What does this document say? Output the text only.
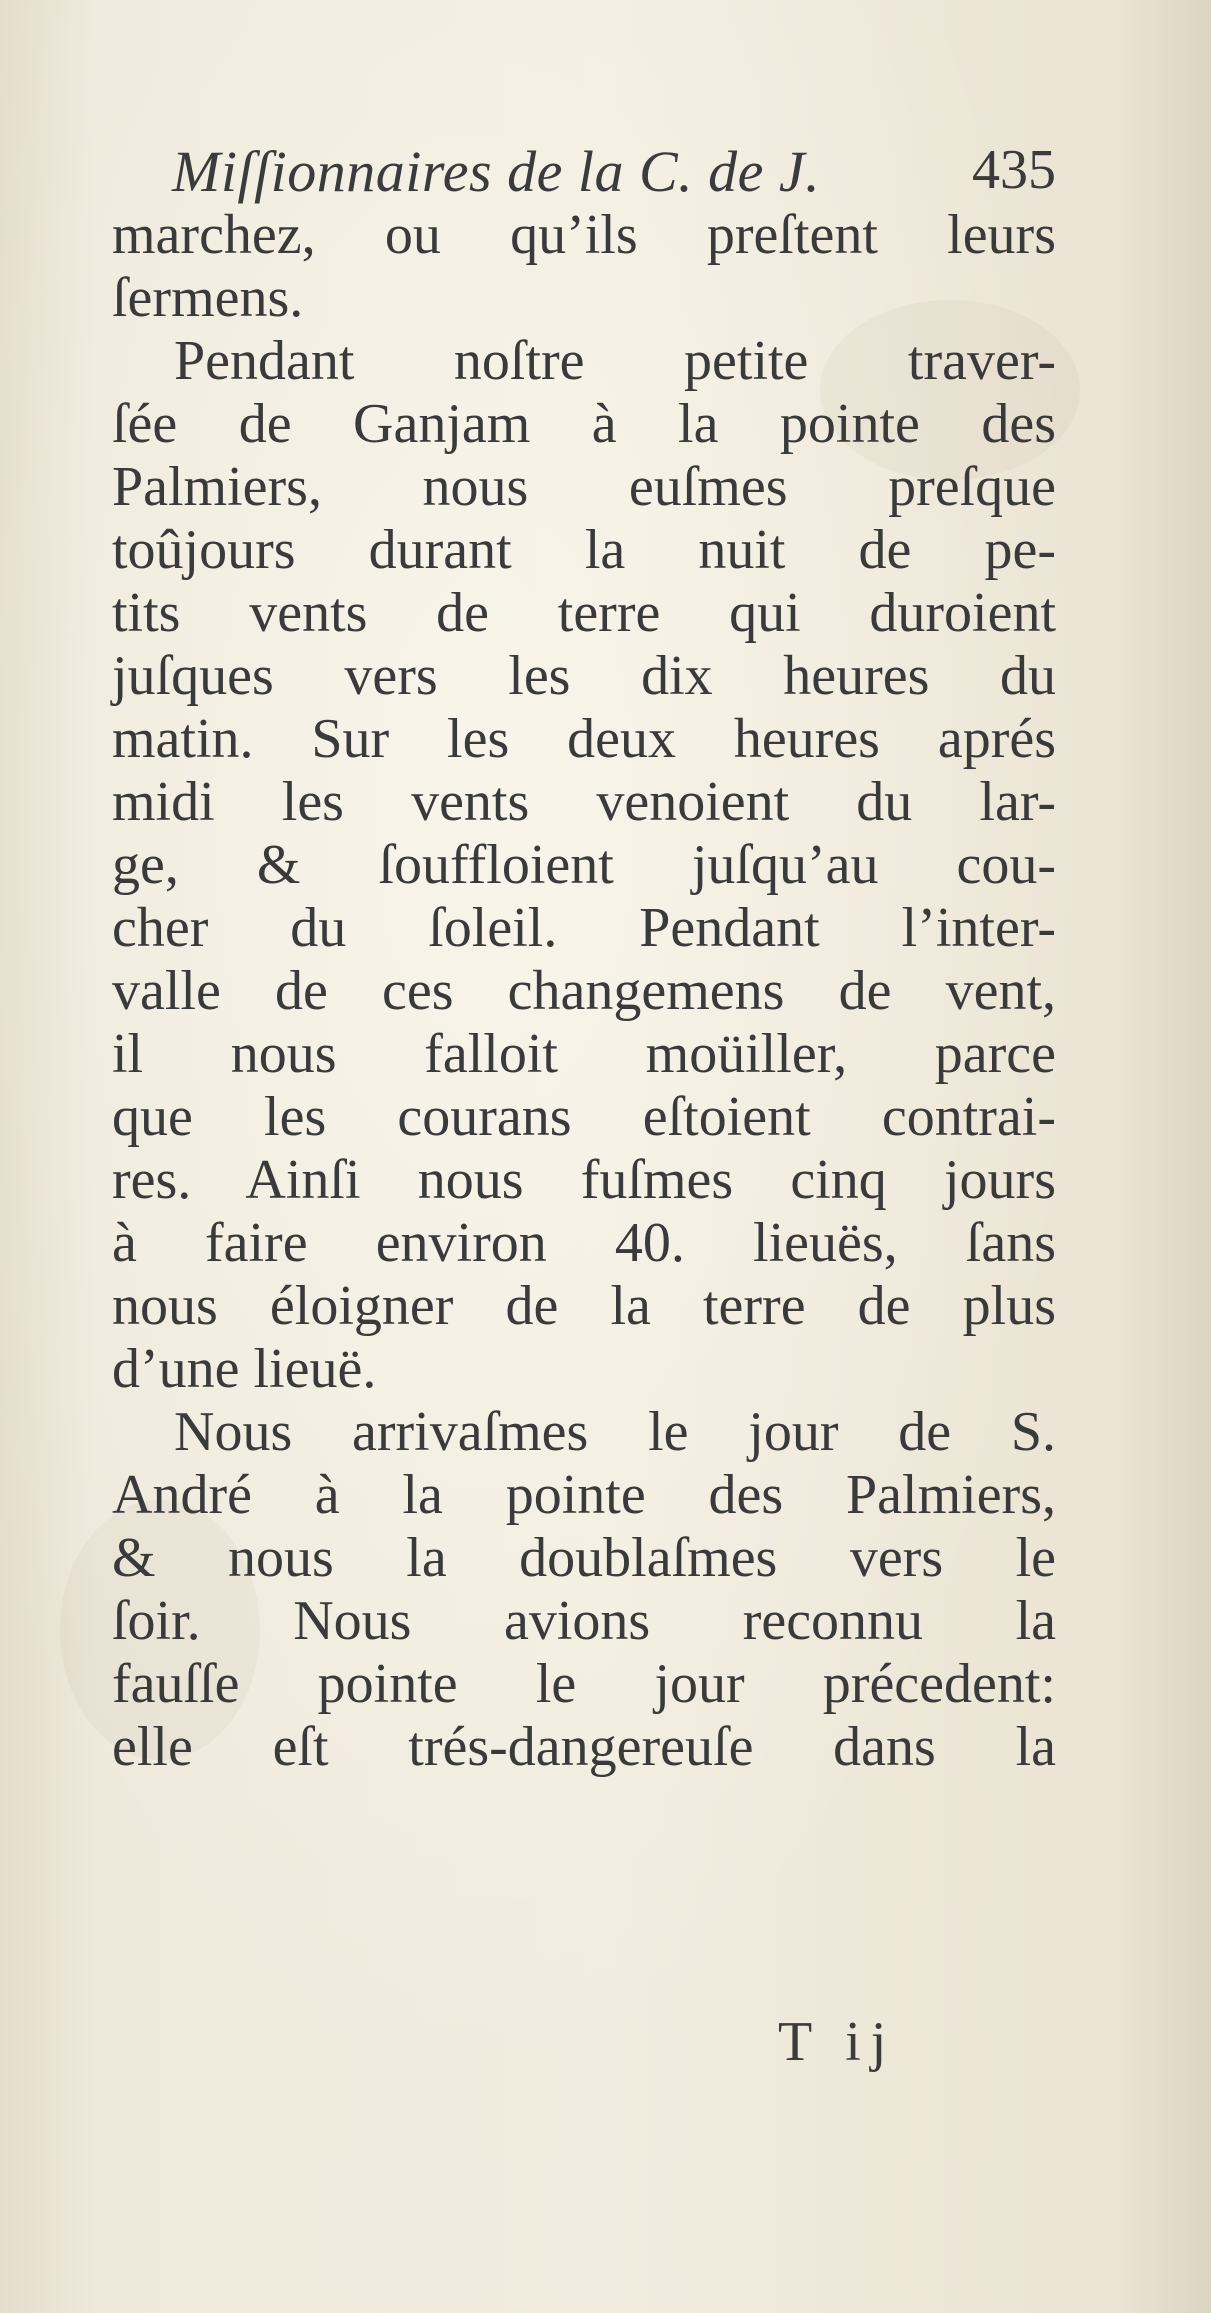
Miſſionnaires de la C. de J.	435
marchez, ou qu’ils preſtent leurs
ſermens.
Pendant noſtre petite traver-
ſée de Ganjam à la pointe des
Palmiers, nous euſmes preſque
toûjours durant la nuit de pe-
tits vents de terre qui duroient
juſques vers les dix heures du
matin. Sur les deux heures aprés
midi les vents venoient du lar-
ge, & ſouffloient juſqu’au cou-
cher du ſoleil. Pendant l’inter-
valle de ces changemens de vent,
il nous falloit moüiller, parce
que les courans eſtoient contrai-
res. Ainſi nous fuſmes cinq jours
à faire environ 40. lieuës, ſans
nous éloigner de la terre de plus
d’une lieuë.
Nous arrivaſmes le jour de S.
André à la pointe des Palmiers,
& nous la doublaſmes vers le
ſoir. Nous avions reconnu la
fauſſe pointe le jour précedent:
elle eſt trés-dangereuſe dans la
T ij
